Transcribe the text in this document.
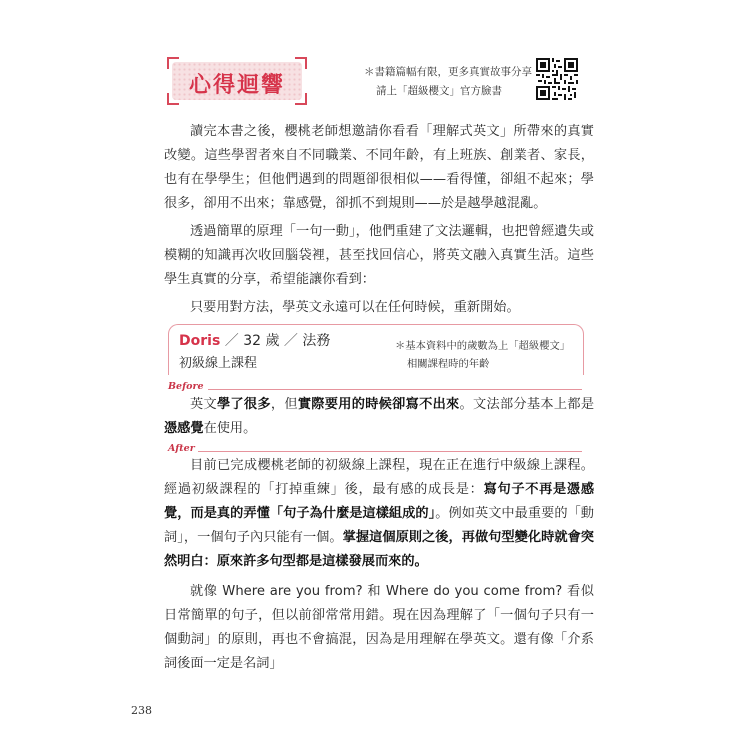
心得迴響
＊書籍篇幅有限，更多真實故事分享
請上「超級櫻文」官方臉書

讀完本書之後，櫻桃老師想邀請你看看「理解式英文」所帶來的真實改變。這些學習者來自不同職業、不同年齡，有上班族、創業者、家長，也有在學學生；但他們遇到的問題卻很相似——看得懂，卻組不起來；學很多，卻用不出來；靠感覺，卻抓不到規則——於是越學越混亂。

透過簡單的原理「一句一動」，他們重建了文法邏輯，也把曾經遺失或模糊的知識再次收回腦袋裡，甚至找回信心，將英文融入真實生活。這些學生真實的分享，希望能讓你看到：

只要用對方法，學英文永遠可以在任何時候，重新開始。

Doris ／ 32 歲 ／ 法務
初級線上課程
＊基本資料中的歲數為上「超級櫻文」
相關課程時的年齡
Before

英文學了很多，但實際要用的時候卻寫不出來。文法部分基本上都是憑感覺在使用。

After

目前已完成櫻桃老師的初級線上課程，現在正在進行中級線上課程。經過初級課程的「打掉重練」後，最有感的成長是：寫句子不再是憑感覺，而是真的弄懂「句子為什麼是這樣組成的」。例如英文中最重要的「動詞」，一個句子內只能有一個。掌握這個原則之後，再做句型變化時就會突然明白：原來許多句型都是這樣發展而來的。

就像 Where are you from? 和 Where do you come from? 看似日常簡單的句子，但以前卻常常用錯。現在因為理解了「一個句子只有一個動詞」的原則，再也不會搞混，因為是用理解在學英文。還有像「介系詞後面一定是名詞」

238
